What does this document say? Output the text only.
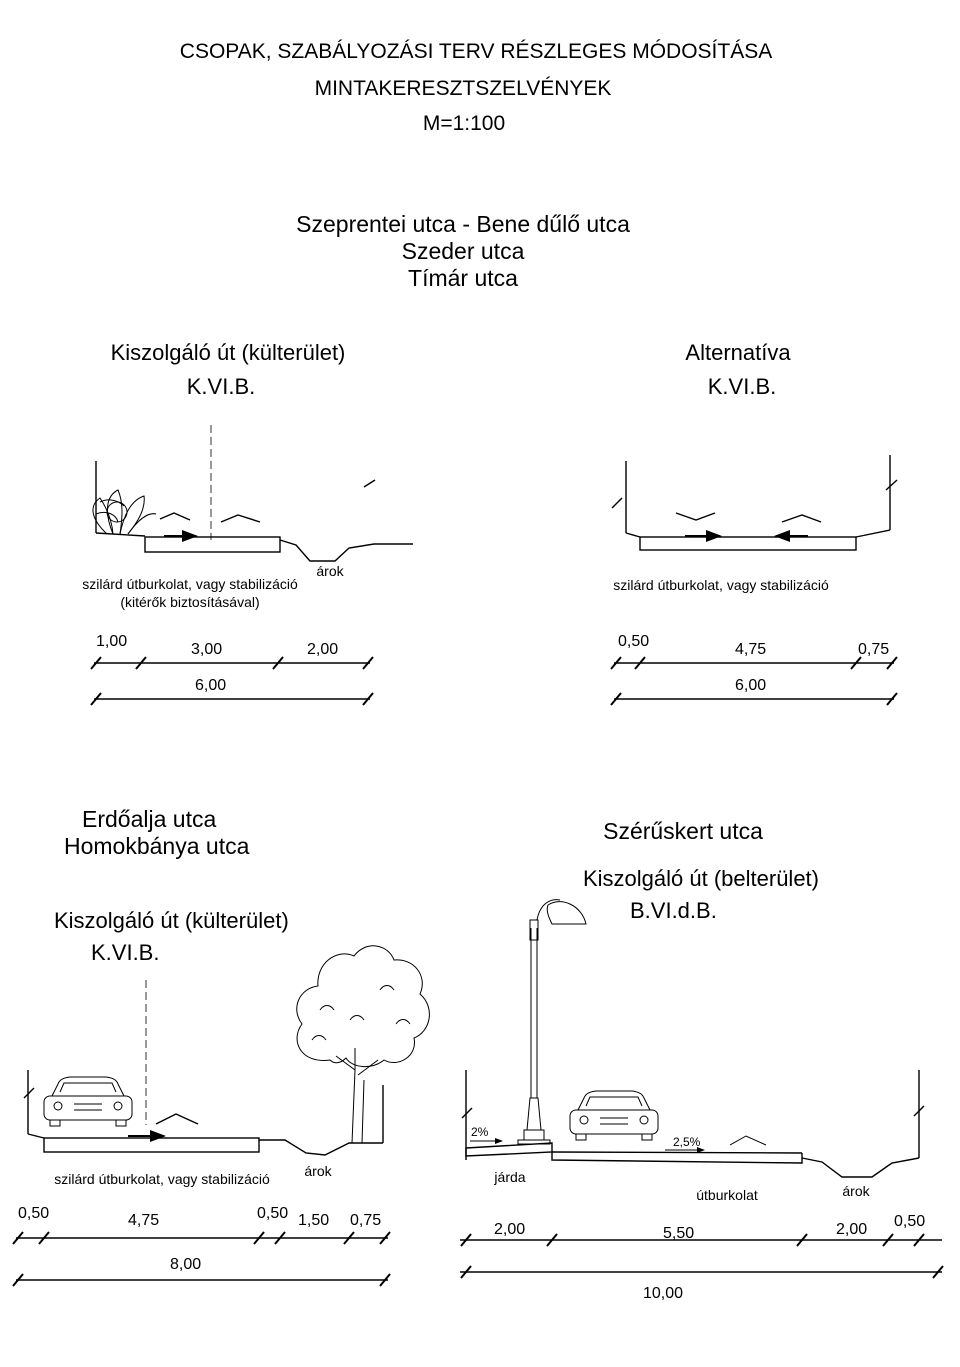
CSOPAK, SZABÁLYOZÁSI TERV RÉSZLEGES MÓDOSÍTÁSA
MINTAKERESZTSZELVÉNYEK
M=1:100
Szeprentei utca - Bene dűlő utca
Szeder utca
Tímár utca
Kiszolgáló út (külterület)
K.VI.B.
Alternatíva
K.VI.B.
szilárd útburkolat, vagy stabilizáció
(kitérők biztosításával)
árok
szilárd útburkolat, vagy stabilizáció
1,00	3,00	2,00
6,00
0,50	4,75	0,75
6,00
Erdőalja utca
Homokbánya utca
Kiszolgáló út (külterület)
K.VI.B.
szilárd útburkolat, vagy stabilizáció árok
0,50	4,75	0,50 1,50 0,75
8,00
Szérűskert utca
Kiszolgáló út (belterület)
B.VI.d.B.
2%
2,5%
járda
útburkolat	árok
2,00	5,50	2,00 0,50
10,00
